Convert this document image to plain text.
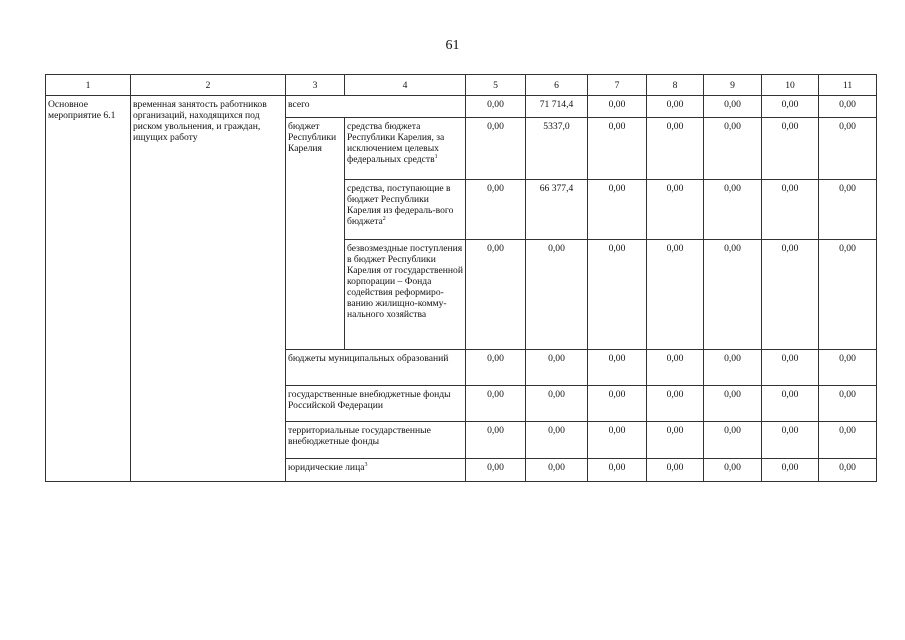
61
1	2	3	4	5	6	7	8	9	10	11
Основное мероприятие 6.1	временная занятость работников организаций, находящихся под риском увольнения, и граждан, ищущих работу	всего		0,00	71 714,4	0,00	0,00	0,00	0,00	0,00
		бюджет Республики Карелия	средства бюджета Республики Карелия, за исключением целевых федеральных средств$^1$	0,00	5337,0	0,00	0,00	0,00	0,00	0,00
			средства, поступающие в бюджет Республики Карелия из федераль-вого бюджета$^2$	0,00	66 377,4	0,00	0,00	0,00	0,00	0,00
			безвозмездные поступления в бюджет Республики Карелия от государственной корпорации – Фонда содействия реформиро-ванию жилищно-комму-нального хозяйства	0,00	0,00	0,00	0,00	0,00	0,00	0,00
		бюджеты муниципальных образований		0,00	0,00	0,00	0,00	0,00	0,00	0,00
		государственные внебюджетные фонды Российской Федерации		0,00	0,00	0,00	0,00	0,00	0,00	0,00
		территориальные государственные внебюджетные фонды		0,00	0,00	0,00	0,00	0,00	0,00	0,00
		юридические лица$^3$		0,00	0,00	0,00	0,00	0,00	0,00	0,00
